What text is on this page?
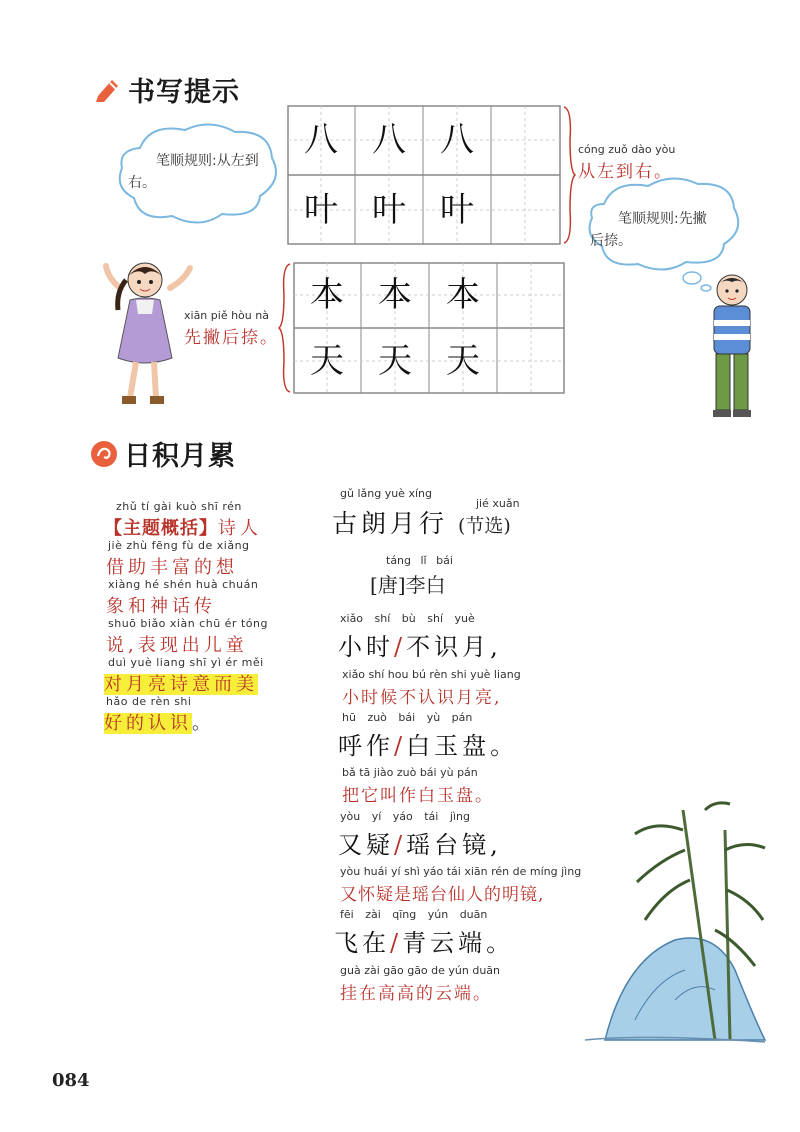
书写提示
笔顺规则:从左到右。
八	八	八
叶	叶	叶
cóng zuǒ dào yòu
从左到右。
笔顺规则:先撇后捺。
本	本	本
天	天	天
xiān piě hòu nà
先撇后捺。
日积月累
zhǔ tí gài kuò shī rén
【主题概括】诗人
jiè zhù fēng fù de xiǎng
借助丰富的想
xiàng hé shén huà chuán
象和神话传
shuō biǎo xiàn chū ér tóng
说,表现出儿童
duì yuè liang shī yì ér měi
对月亮诗意而美
hǎo de rèn shi
好的认识。
gǔ lǎng yuè xíng
古朗月行
jié xuǎn
(节选)
táng lǐ bái
[唐]李白
xiǎo shí bù shí yuè
小时/不识月,
xiǎo shí hou bú rèn shi yuè liang
小时候不认识月亮,
hū zuò bái yù pán
呼作/白玉盘。
bǎ tā jiào zuò bái yù pán
把它叫作白玉盘。
yòu yí yáo tái jìng
又疑/瑶台镜,
yòu huái yí shì yáo tái xiān rén de míng jìng
又怀疑是瑶台仙人的明镜,
fēi zài qīng yún duān
飞在/青云端。
guà zài gāo gāo de yún duān
挂在高高的云端。
084
